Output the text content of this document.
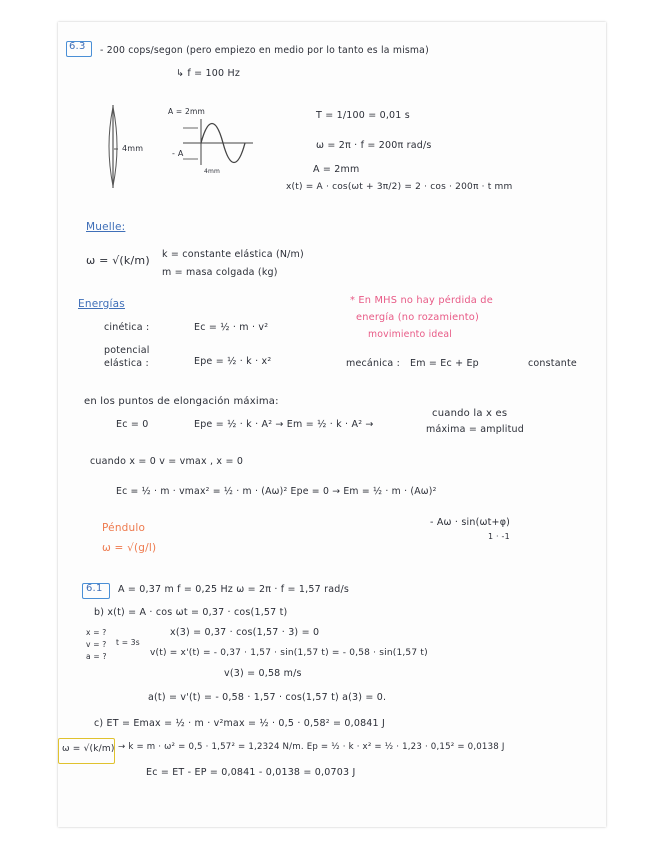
6.3 - 200 cops/segon (pero empiezo en medio por lo tanto es la misma)
↳ f = 100 Hz
4mm
A = 2mm
- A
4mm
T = 1/100 = 0,01 s
ω = 2π · f = 200π rad/s
A = 2mm
x(t) = A · cos(ωt + 3π/2) = 2 · cos · 200π · t mm
Muelle:
ω = √(k/m) k = constante elástica (N/m)
m = masa colgada (kg)
Energías	* En MHS no hay pérdida de
energía (no rozamiento)
movimiento ideal
cinética :	Ec = ½ · m · v²
potencial
elástica :	Epe = ½ · k · x²	mecánica : Em = Ec + Ep	constante
en los puntos de elongación máxima:
Ec = 0	Epe = ½ · k · A² → Em = ½ · k · A² →
cuando la x es
máxima = amplitud
cuando x = 0 v = vmax , x = 0
Ec = ½ · m · vmax² = ½ · m · (Aω)² Epe = 0 → Em = ½ · m · (Aω)²
- Aω · sin(ωt+φ)
1 · -1
Péndulo
ω = √(g/l)
6.1 A = 0,37 m f = 0,25 Hz ω = 2π · f = 1,57 rad/s
b) x(t) = A · cos ωt = 0,37 · cos(1,57 t)
x = ?
v = ?
a = ?
t = 3s
x(3) = 0,37 · cos(1,57 · 3) = 0
v(t) = x'(t) = - 0,37 · 1,57 · sin(1,57 t) = - 0,58 · sin(1,57 t)
v(3) = 0,58 m/s
a(t) = v'(t) = - 0,58 · 1,57 · cos(1,57 t) a(3) = 0.
c) ET = Emax = ½ · m · v²max = ½ · 0,5 · 0,58² = 0,0841 J
ω = √(k/m) → k = m · ω² = 0,5 · 1,57² = 1,2324 N/m. Ep = ½ · k · x² = ½ · 1,23 · 0,15² = 0,0138 J
Ec = ET - EP = 0,0841 - 0,0138 = 0,0703 J
